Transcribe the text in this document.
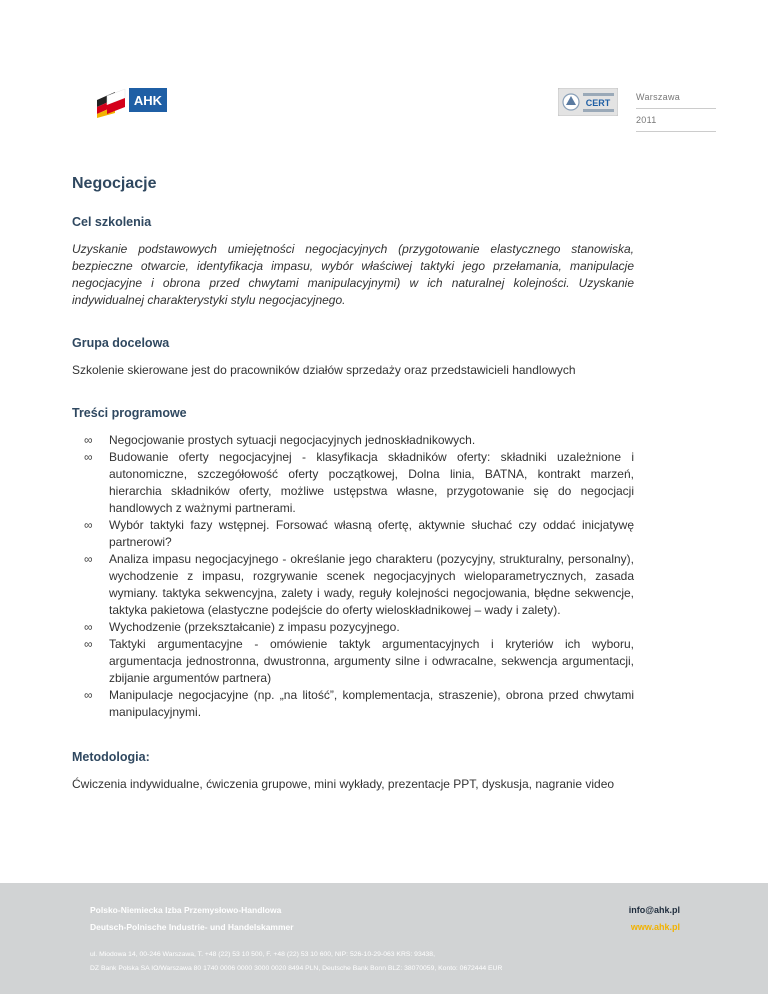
AHK	CERT
Warszawa
2011
Negocjacje
Cel szkolenia

Uzyskanie podstawowych umiejętności negocjacyjnych (przygotowanie elastycznego stanowiska, bezpieczne otwarcie, identyfikacja impasu, wybór właściwej taktyki jego przełamania, manipulacje negocjacyjne i obrona przed chwytami manipulacyjnymi) w ich naturalnej kolejności. Uzyskanie indywidualnej charakterystyki stylu negocjacyjnego.

Grupa docelowa

Szkolenie skierowane jest do pracowników działów sprzedaży oraz przedstawicieli handlowych

Treści programowe
∞ Negocjowanie prostych sytuacji negocjacyjnych jednoskładnikowych.
∞ Budowanie oferty negocjacyjnej - klasyfikacja składników oferty: składniki uzależnione i autonomiczne, szczegółowość oferty początkowej, Dolna linia, BATNA, kontrakt marzeń, hierarchia składników oferty, możliwe ustępstwa własne, przygotowanie się do negocjacji handlowych z ważnymi partnerami.
∞ Wybór taktyki fazy wstępnej. Forsować własną ofertę, aktywnie słuchać czy oddać inicjatywę partnerowi?
∞ Analiza impasu negocjacyjnego - określanie jego charakteru (pozycyjny, strukturalny, personalny), wychodzenie z impasu, rozgrywanie scenek negocjacyjnych wieloparametrycznych, zasada wymiany. taktyka sekwencyjna, zalety i wady, reguły kolejności negocjowania, błędne sekwencje, taktyka pakietowa (elastyczne podejście do oferty wieloskładnikowej – wady i zalety).
∞ Wychodzenie (przekształcanie) z impasu pozycyjnego.
∞ Taktyki argumentacyjne - omówienie taktyk argumentacyjnych i kryteriów ich wyboru, argumentacja jednostronna, dwustronna, argumenty silne i odwracalne, sekwencja argumentacji, zbijanie argumentów partnera)
∞ Manipulacje negocjacyjne (np. „na litość”, komplementacja, straszenie), obrona przed chwytami manipulacyjnymi.
Metodologia:

Ćwiczenia indywidualne, ćwiczenia grupowe, mini wykłady, prezentacje PPT, dyskusja, nagranie video

Polsko-Niemiecka Izba Przemysłowo-Handlowa
Deutsch-Polnische Industrie- und Handelskammer
info@ahk.pl
www.ahk.pl
ul. Miodowa 14, 00-246 Warszawa, T. +48 (22) 53 10 500, F. +48 (22) 53 10 600, NIP: 526-10-29-063 KRS: 93438,
DZ Bank Polska SA IO/Warszawa 80 1740 0006 0000 3000 0020 8494 PLN, Deutsche Bank Bonn BLZ: 38070059, Konto: 0672444 EUR
